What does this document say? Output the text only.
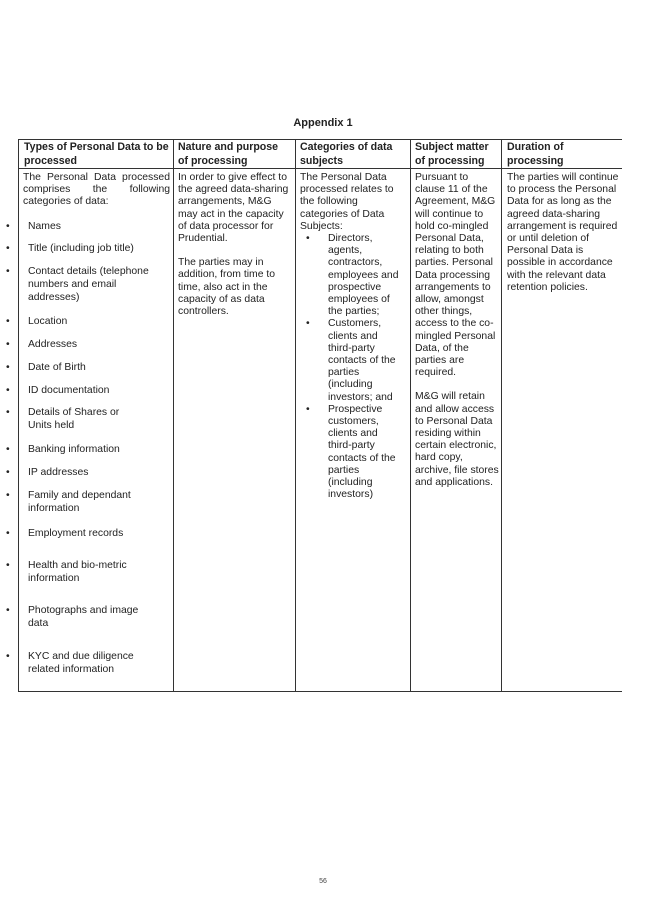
Appendix 1
Types of Personal Data to be processed
Nature and purpose of processing
Categories of data subjects
Subject matter of processing
Duration of processing

The Personal Data processed comprises the following categories of data:

• Names
• Title (including job title)
• Contact details (telephone numbers and email addresses)
• Location
• Addresses
• Date of Birth
• ID documentation
• Details of Shares or Units held
• Banking information
• IP addresses
• Family and dependant information
• Employment records
• Health and bio-metric information
• Photographs and image data
• KYC and due diligence related information

In order to give effect to the agreed data-sharing arrangements, M&G may act in the capacity of data processor for Prudential.

The parties may in addition, from time to time, also act in the capacity of as data controllers.

The Personal Data processed relates to the following categories of Data Subjects:

• Directors, agents, contractors, employees and prospective employees of the parties;
• Customers, clients and third-party contacts of the parties (including investors; and
• Prospective customers, clients and third-party contacts of the parties (including investors)

Pursuant to clause 11 of the Agreement, M&G will continue to hold co-mingled Personal Data, relating to both parties. Personal Data processing arrangements to allow, amongst other things, access to the co-mingled Personal Data, of the parties are required.

M&G will retain and allow access to Personal Data residing within certain electronic, hard copy, archive, file stores and applications.

The parties will continue to process the Personal Data for as long as the agreed data-sharing arrangement is required or until deletion of Personal Data is possible in accordance with the relevant data retention policies.

56
